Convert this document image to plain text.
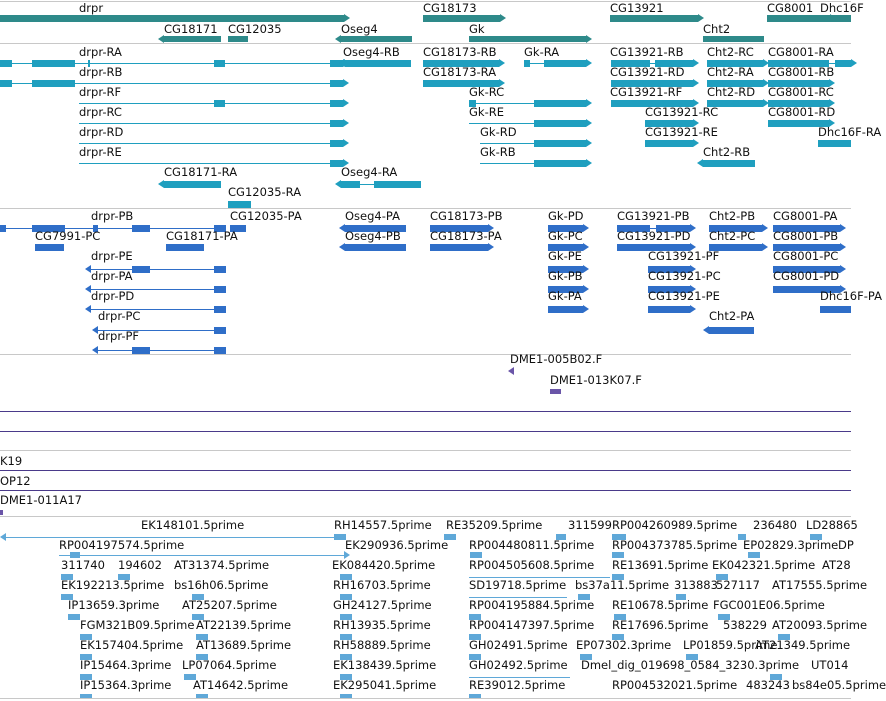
drpr	CG18173	CG13921	CG8001 Dhc16F
CG18171 CG12035	Oseg4	Gk	Cht2
drpr-RA	Oseg4-RB CG18173-RB Gk-RA	CG13921-RB Cht2-RC CG8001-RA
drpr-RB	CG18173-RA	CG13921-RD Cht2-RA CG8001-RB
drpr-RF	Gk-RC	CG13921-RF Cht2-RD CG8001-RC
drpr-RC	Gk-RE	CG13921-RC	CG8001-RD
drpr-RD	Gk-RD	CG13921-RE	Dhc16F-RA
drpr-RE	Gk-RB	Cht2-RB
CG18171-RA	Oseg4-RA
CG12035-RA
drpr-PB	CG12035-PA	Oseg4-PA	CG18173-PB	Gk-PD	CG13921-PB Cht2-PB CG8001-PA
CG7991-PC	CG18171-PA	Oseg4-PB	CG18173-PA	Gk-PC	CG13921-PD Cht2-PC CG8001-PB
drpr-PE	Gk-PE	CG13921-PF	CG8001-PC
drpr-PA	Gk-PB	CG13921-PC	CG8001-PD
drpr-PD	Gk-PA	CG13921-PE	Dhc16F-PA
drpr-PC	Cht2-PA
drpr-PF
DME1-005B02.F
DME1-013K07.F
K19
OP12
DME1-011A17
EK148101.5prime	RH14557.5prime RE35209.5prime 311599 RP004260989.5prime 236480 LD28865
RP004197574.5prime	EK290936.5prime RP004480811.5prime RP004373785.5prime EP02829.3prime DP
311740 194602 AT31374.5prime	EK084420.5prime	RP004505608.5prime RE13691.5prime EK042321.5prime AT28
EK192213.5prime bs16h06.5prime	RH16703.5prime	SD19718.5prime bs37a11.5prime 313883
527117 AT17555.5prime
IP13659.3prime AT25207.5prime	GH24127.5prime	RP004195884.5prime RE10678.5prime FGC001E06.5prime
FGM321B09.5prime AT22139.5prime	RH13935.5prime	RP004147397.5prime RE17696.5prime 538229 AT20093.5prime
EK157404.5prime AT13689.5prime	RH58889.5prime	GH02491.5prime EP07302.3prime LP01859.5prime
AT21349.5prime
IP15464.3prime LP07064.5prime	EK138439.5prime	GH02492.5prime Dmel_dig_019698_0584_3230.3prime UT014
IP15364.3prime AT14642.5prime	EK295041.5prime	RE39012.5prime	RP004532021.5prime 483243 bs84e05.5prime
